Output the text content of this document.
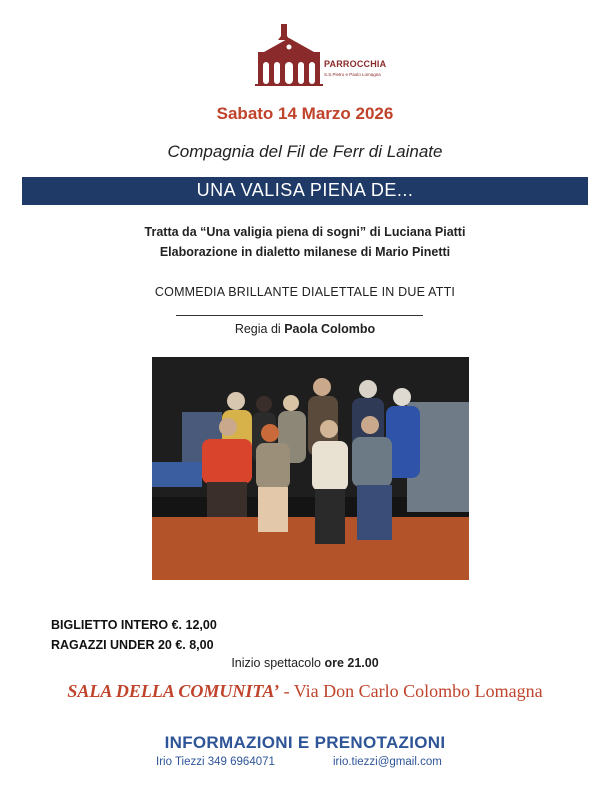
PARROCCHIA
S.S.Pietro e Paolo Lomagna
Sabato 14 Marzo 2026
Compagnia del Fil de Ferr di Lainate
UNA VALISA PIENA DE...
Tratta da “Una valigia piena di sogni” di Luciana Piatti
Elaborazione in dialetto milanese di Mario Pinetti
COMMEDIA BRILLANTE DIALETTALE IN DUE ATTI
Regia di Paola Colombo
BIGLIETTO INTERO €. 12,00
RAGAZZI UNDER 20 €. 8,00
Inizio spettacolo ore 21.00
SALA DELLA COMUNITA’ - Via Don Carlo Colombo Lomagna
INFORMAZIONI E PRENOTAZIONI
Irio Tiezzi 349 6964071	irio.tiezzi@gmail.com
